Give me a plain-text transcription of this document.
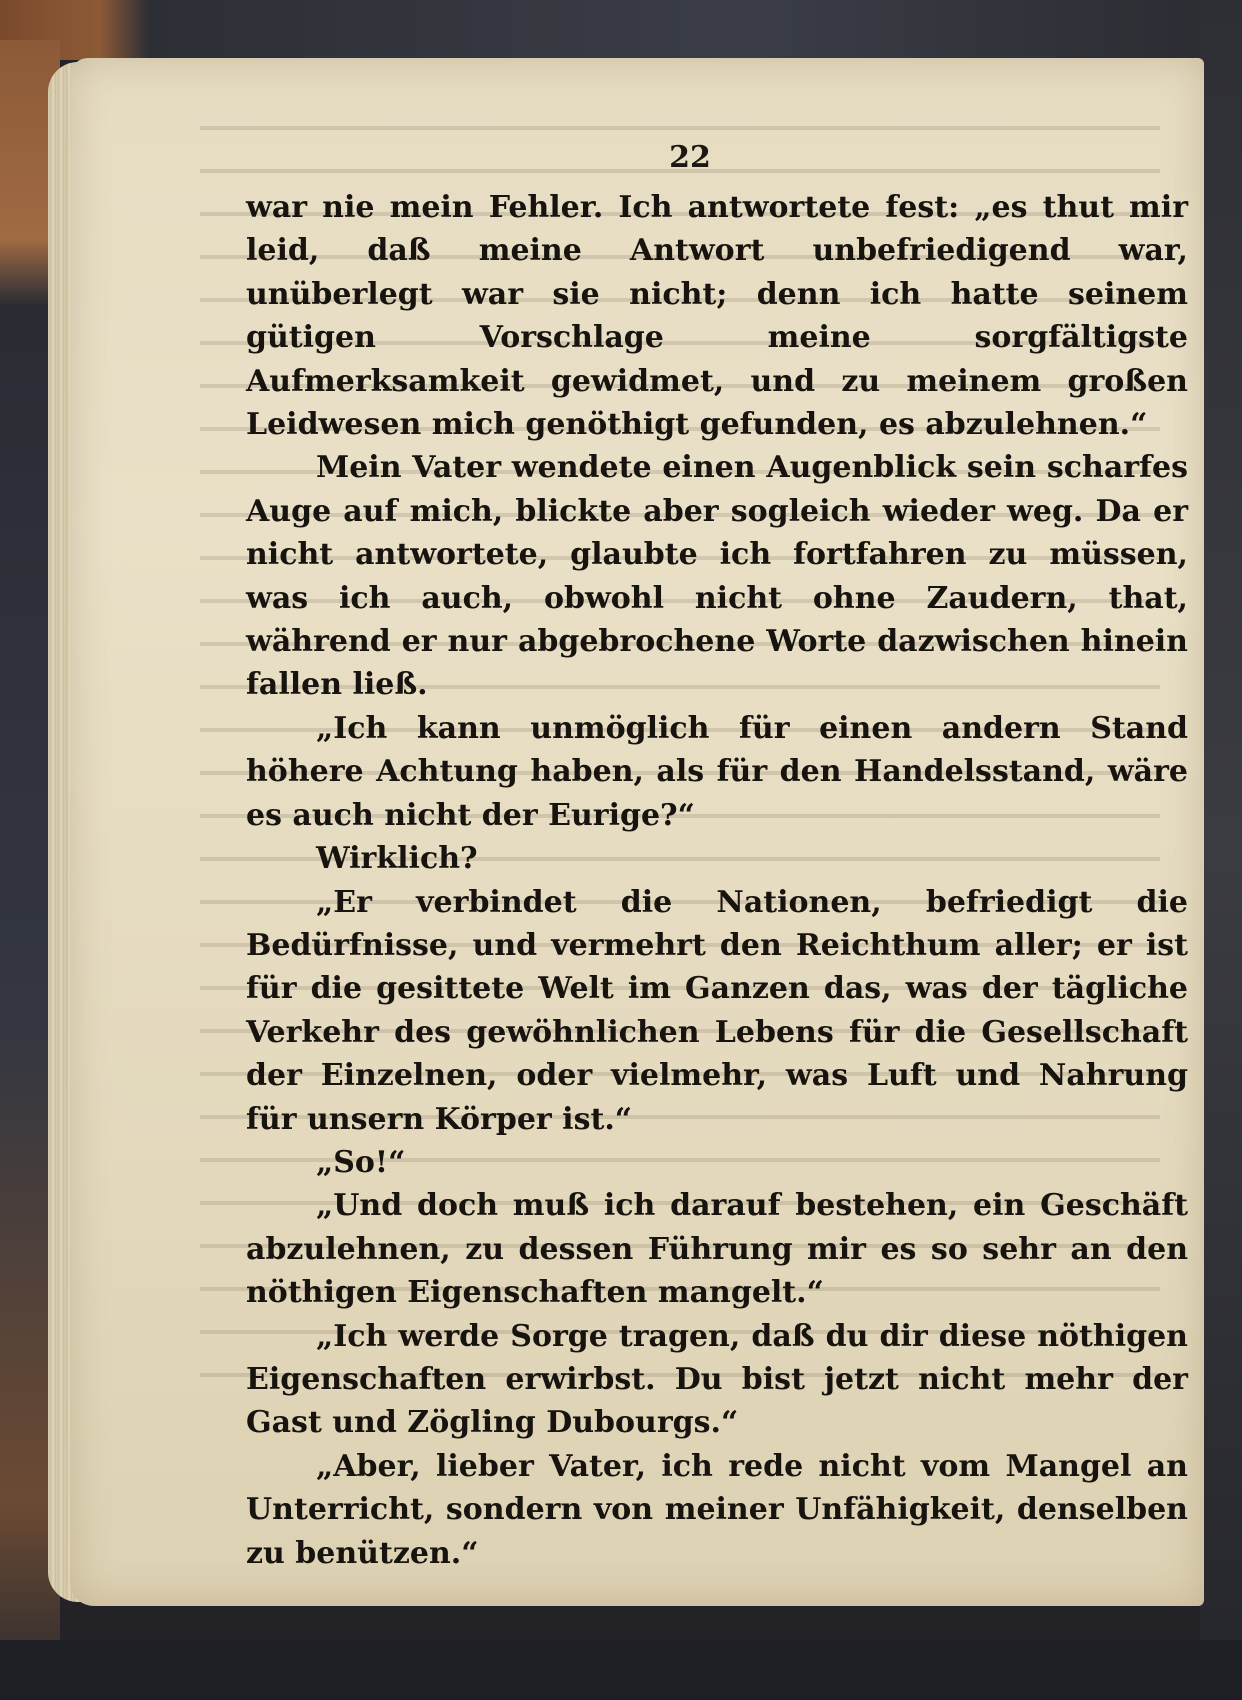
22

war nie mein Fehler. Ich antwortete fest: „es thut mir leid, daß meine Antwort unbefriedigend war, unüberlegt war sie nicht; denn ich hatte seinem gütigen Vorschlage meine sorgfältigste Aufmerksamkeit gewidmet, und zu meinem großen Leidwesen mich genöthigt gefunden, es abzulehnen.“

Mein Vater wendete einen Augenblick sein scharfes Auge auf mich, blickte aber sogleich wieder weg. Da er nicht antwortete, glaubte ich fortfahren zu müssen, was ich auch, obwohl nicht ohne Zaudern, that, während er nur abgebrochene Worte dazwischen hinein fallen ließ.

„Ich kann unmöglich für einen andern Stand höhere Achtung haben, als für den Handelsstand, wäre es auch nicht der Eurige?“

Wirklich?

„Er verbindet die Nationen, befriedigt die Bedürfnisse, und vermehrt den Reichthum aller; er ist für die gesittete Welt im Ganzen das, was der tägliche Verkehr des gewöhnlichen Lebens für die Gesellschaft der Einzelnen, oder vielmehr, was Luft und Nahrung für unsern Körper ist.“

„So!“

„Und doch muß ich darauf bestehen, ein Geschäft abzulehnen, zu dessen Führung mir es so sehr an den nöthigen Eigenschaften mangelt.“

„Ich werde Sorge tragen, daß du dir diese nöthigen Eigenschaften erwirbst. Du bist jetzt nicht mehr der Gast und Zögling Dubourgs.“

„Aber, lieber Vater, ich rede nicht vom Mangel an Unterricht, sondern von meiner Unfähigkeit, denselben zu benützen.“
